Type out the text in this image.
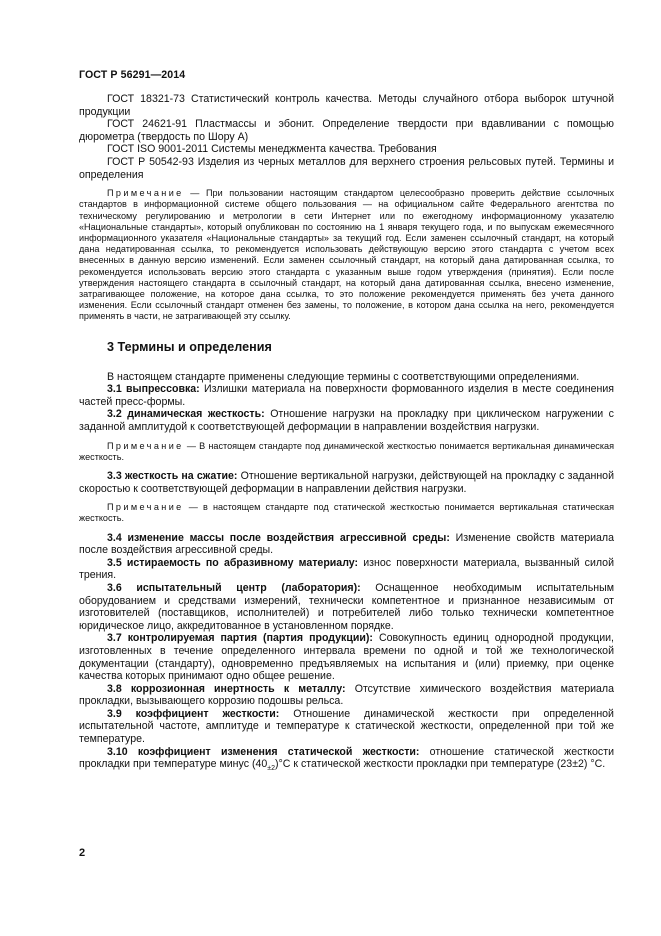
ГОСТ Р 56291—2014

ГОСТ 18321-73 Статистический контроль качества. Методы случайного отбора выборок штучной продукции

ГОСТ 24621-91 Пластмассы и эбонит. Определение твердости при вдавливании с помощью дюрометра (твердость по Шору А)

ГОСТ ISO 9001-2011 Системы менеджмента качества. Требования

ГОСТ Р 50542-93 Изделия из черных металлов для верхнего строения рельсовых путей. Термины и определения

Примечание — При пользовании настоящим стандартом целесообразно проверить действие ссылочных стандартов в информационной системе общего пользования — на официальном сайте Федерального агентства по техническому регулированию и метрологии в сети Интернет или по ежегодному информационному указателю «Национальные стандарты», который опубликован по состоянию на 1 января текущего года, и по выпускам ежемесячного информационного указателя «Национальные стандарты» за текущий год. Если заменен ссылочный стандарт, на который дана недатированная ссылка, то рекомендуется использовать действующую версию этого стандарта с учетом всех внесенных в данную версию изменений. Если заменен ссылочный стандарт, на который дана датированная ссылка, то рекомендуется использовать версию этого стандарта с указанным выше годом утверждения (принятия). Если после утверждения настоящего стандарта в ссылочный стандарт, на который дана датированная ссылка, внесено изменение, затрагивающее положение, на которое дана ссылка, то это положение рекомендуется применять без учета данного изменения. Если ссылочный стандарт отменен без замены, то положение, в котором дана ссылка на него, рекомендуется применять в части, не затрагивающей эту ссылку.

3 Термины и определения

В настоящем стандарте применены следующие термины с соответствующими определениями.

3.1 выпрессовка: Излишки материала на поверхности формованного изделия в месте соединения частей пресс-формы.

3.2 динамическая жесткость: Отношение нагрузки на прокладку при циклическом нагружении с заданной амплитудой к соответствующей деформации в направлении воздействия нагрузки.

Примечание — В настоящем стандарте под динамической жесткостью понимается вертикальная динамическая жесткость.

3.3 жесткость на сжатие: Отношение вертикальной нагрузки, действующей на прокладку с заданной скоростью к соответствующей деформации в направлении действия нагрузки.

Примечание — в настоящем стандарте под статической жесткостью понимается вертикальная статическая жесткость.

3.4 изменение массы после воздействия агрессивной среды: Изменение свойств материала после воздействия агрессивной среды.

3.5 истираемость по абразивному материалу: износ поверхности материала, вызванный силой трения.

3.6 испытательный центр (лаборатория): Оснащенное необходимым испытательным оборудованием и средствами измерений, технически компетентное и признанное независимым от изготовителей (поставщиков, исполнителей) и потребителей либо только технически компетентное юридическое лицо, аккредитованное в установленном порядке.

3.7 контролируемая партия (партия продукции): Совокупность единиц однородной продукции, изготовленных в течение определенного интервала времени по одной и той же технологической документации (стандарту), одновременно предъявляемых на испытания и (или) приемку, при оценке качества которых принимают одно общее решение.

3.8 коррозионная инертность к металлу: Отсутствие химического воздействия материала прокладки, вызывающего коррозию подошвы рельса.

3.9 коэффициент жесткости: Отношение динамической жесткости при определенной испытательной частоте, амплитуде и температуре к статической жесткости, определенной при той же температуре.

3.10 коэффициент изменения статической жесткости: отношение статической жесткости прокладки при температуре минус $(40_{\pm 2})^\circ С$ к статической жесткости прокладки при температуре (23±2) °С.

2
